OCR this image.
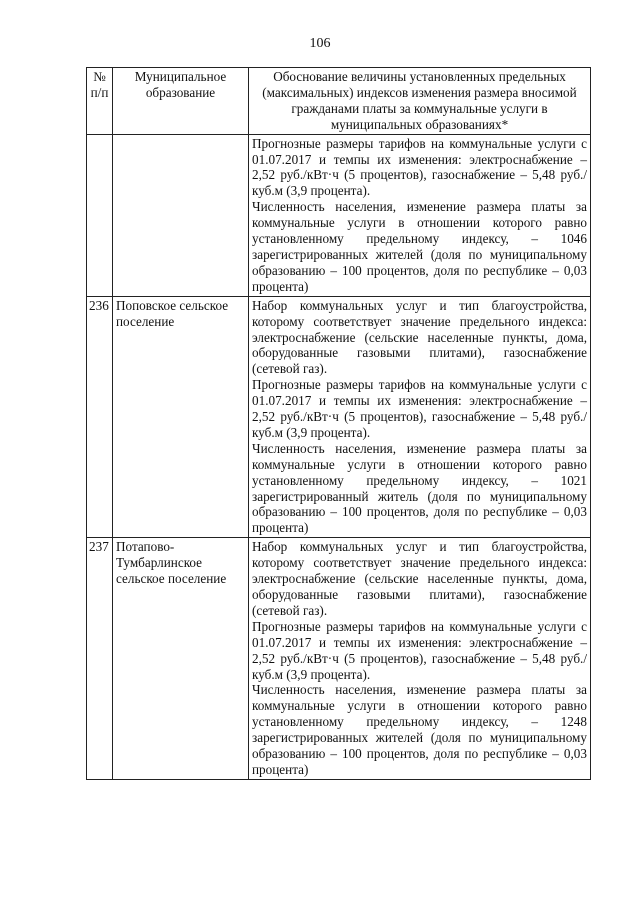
106
№ п/п	Муниципальное образование	Обоснование величины установленных предельных (максимальных) индексов изменения размера вносимой гражданами платы за коммунальные услуги в муниципальных образованиях*

		Прогнозные размеры тарифов на коммунальные услуги с 01.07.2017 и темпы их изменения: электроснабжение – 2,52 руб./кВт·ч (5 процентов), газоснабжение – 5,48 руб./куб.м (3,9 процента).
Численность населения, изменение размера платы за коммунальные услуги в отношении которого равно установленному предельному индексу, – 1046 зарегистрированных жителей (доля по муниципальному образованию – 100 процентов, доля по республике – 0,03 процента)

236	Поповское сельское поселение	Набор коммунальных услуг и тип благоустройства, которому соответствует значение предельного индекса: электроснабжение (сельские населенные пункты, дома, оборудованные газовыми плитами), газоснабжение (сетевой газ).
Прогнозные размеры тарифов на коммунальные услуги с 01.07.2017 и темпы их изменения: электроснабжение – 2,52 руб./кВт·ч (5 процентов), газоснабжение – 5,48 руб./куб.м (3,9 процента).
Численность населения, изменение размера платы за коммунальные услуги в отношении которого равно установленному предельному индексу, – 1021 зарегистрированный житель (доля по муниципальному образованию – 100 процентов, доля по республике – 0,03 процента)

237	Потапово-Тумбарлинское сельское поселение	Набор коммунальных услуг и тип благоустройства, которому соответствует значение предельного индекса: электроснабжение (сельские населенные пункты, дома, оборудованные газовыми плитами), газоснабжение (сетевой газ).
Прогнозные размеры тарифов на коммунальные услуги с 01.07.2017 и темпы их изменения: электроснабжение – 2,52 руб./кВт·ч (5 процентов), газоснабжение – 5,48 руб./куб.м (3,9 процента).
Численность населения, изменение размера платы за коммунальные услуги в отношении которого равно установленному предельному индексу, – 1248 зарегистрированных жителей (доля по муниципальному образованию – 100 процентов, доля по республике – 0,03 процента)
